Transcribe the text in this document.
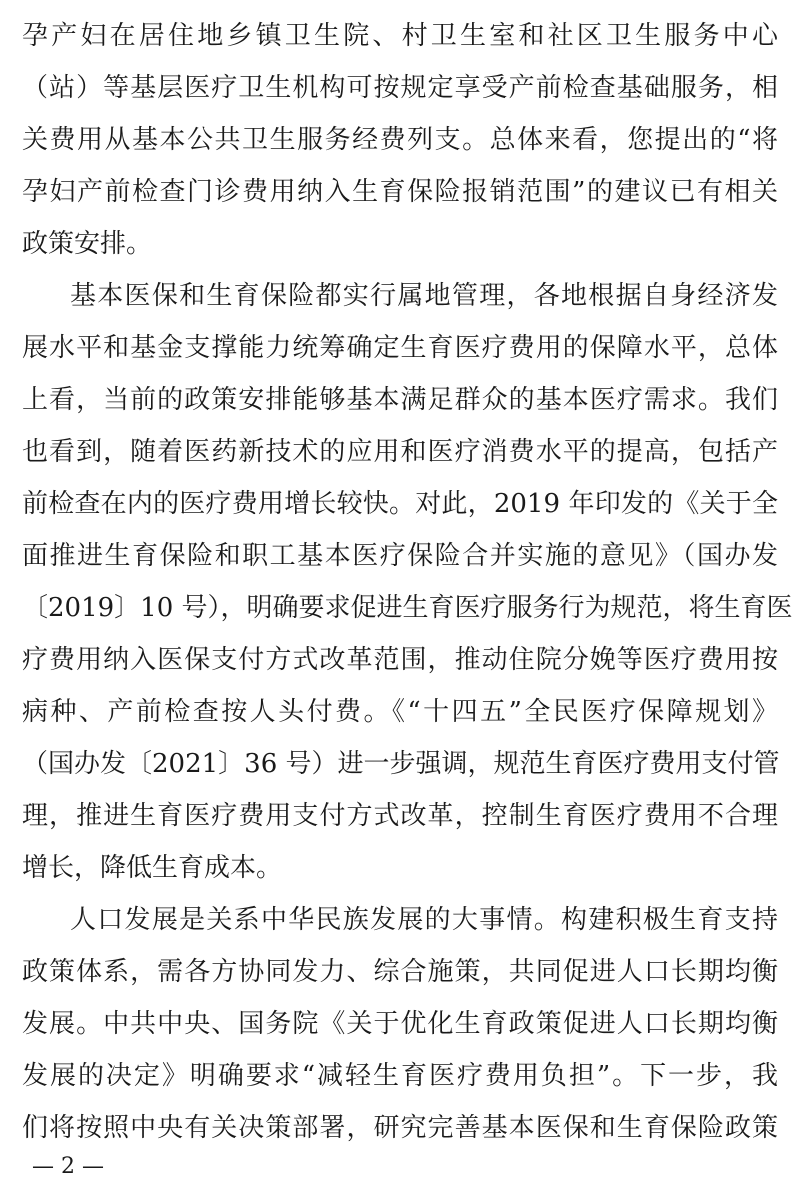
孕产妇在居住地乡镇卫生院、村卫生室和社区卫生服务中心
（站）等基层医疗卫生机构可按规定享受产前检查基础服务，相
关费用从基本公共卫生服务经费列支。总体来看，您提出的“将
孕妇产前检查门诊费用纳入生育保险报销范围”的建议已有相关
政策安排。
基本医保和生育保险都实行属地管理，各地根据自身经济发
展水平和基金支撑能力统筹确定生育医疗费用的保障水平，总体
上看，当前的政策安排能够基本满足群众的基本医疗需求。我们
也看到，随着医药新技术的应用和医疗消费水平的提高，包括产
前检查在内的医疗费用增长较快。对此，2019 年印发的《关于全
面推进生育保险和职工基本医疗保险合并实施的意见》（国办发
〔2019〕10 号），明确要求促进生育医疗服务行为规范，将生育医
疗费用纳入医保支付方式改革范围，推动住院分娩等医疗费用按
病种、产前检查按人头付费。《“十四五”全民医疗保障规划》
（国办发〔2021〕36 号）进一步强调，规范生育医疗费用支付管
理，推进生育医疗费用支付方式改革，控制生育医疗费用不合理
增长，降低生育成本。
人口发展是关系中华民族发展的大事情。构建积极生育支持
政策体系，需各方协同发力、综合施策，共同促进人口长期均衡
发展。中共中央、国务院《关于优化生育政策促进人口长期均衡
发展的决定》明确要求“减轻生育医疗费用负担”。下一步，我
们将按照中央有关决策部署，研究完善基本医保和生育保险政策
— 2 —
